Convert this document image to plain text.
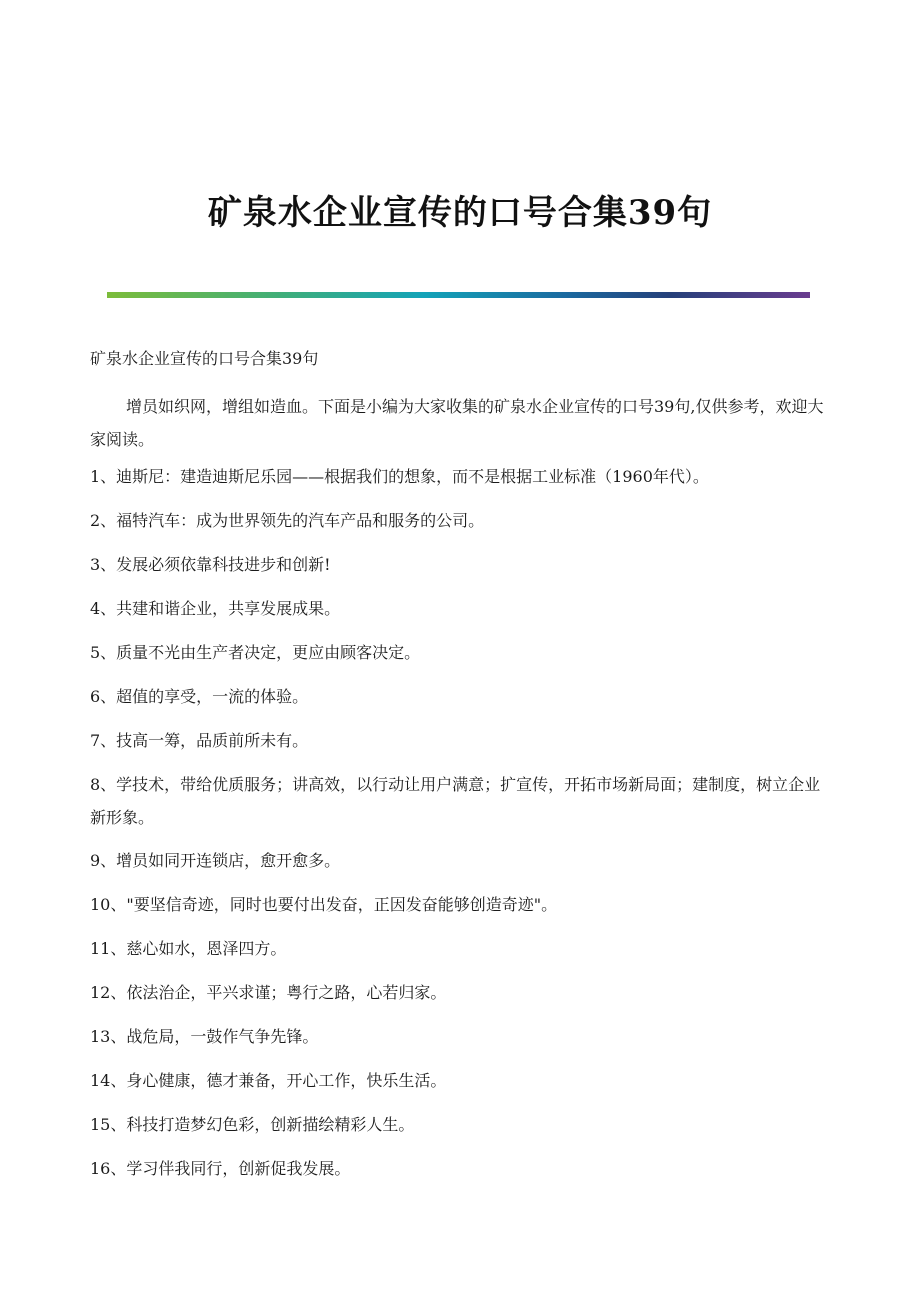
矿泉水企业宣传的口号合集39句

矿泉水企业宣传的口号合集39句

增员如织网，增组如造血。下面是小编为大家收集的矿泉水企业宣传的口号39句,仅供参考，欢迎大家阅读。

1、迪斯尼：建造迪斯尼乐园——根据我们的想象，而不是根据工业标准（1960年代）。

2、福特汽车：成为世界领先的汽车产品和服务的公司。

3、发展必须依靠科技进步和创新!

4、共建和谐企业，共享发展成果。

5、质量不光由生产者决定，更应由顾客决定。

6、超值的享受，一流的体验。

7、技高一筹，品质前所未有。

8、学技术，带给优质服务；讲高效，以行动让用户满意；扩宣传，开拓市场新局面；建制度，树立企业新形象。

9、增员如同开连锁店，愈开愈多。

10、"要坚信奇迹，同时也要付出发奋，正因发奋能够创造奇迹"。

11、慈心如水，恩泽四方。

12、依法治企，平兴求谨；粤行之路，心若归家。

13、战危局，一鼓作气争先锋。

14、身心健康，德才兼备，开心工作，快乐生活。

15、科技打造梦幻色彩，创新描绘精彩人生。

16、学习伴我同行，创新促我发展。
